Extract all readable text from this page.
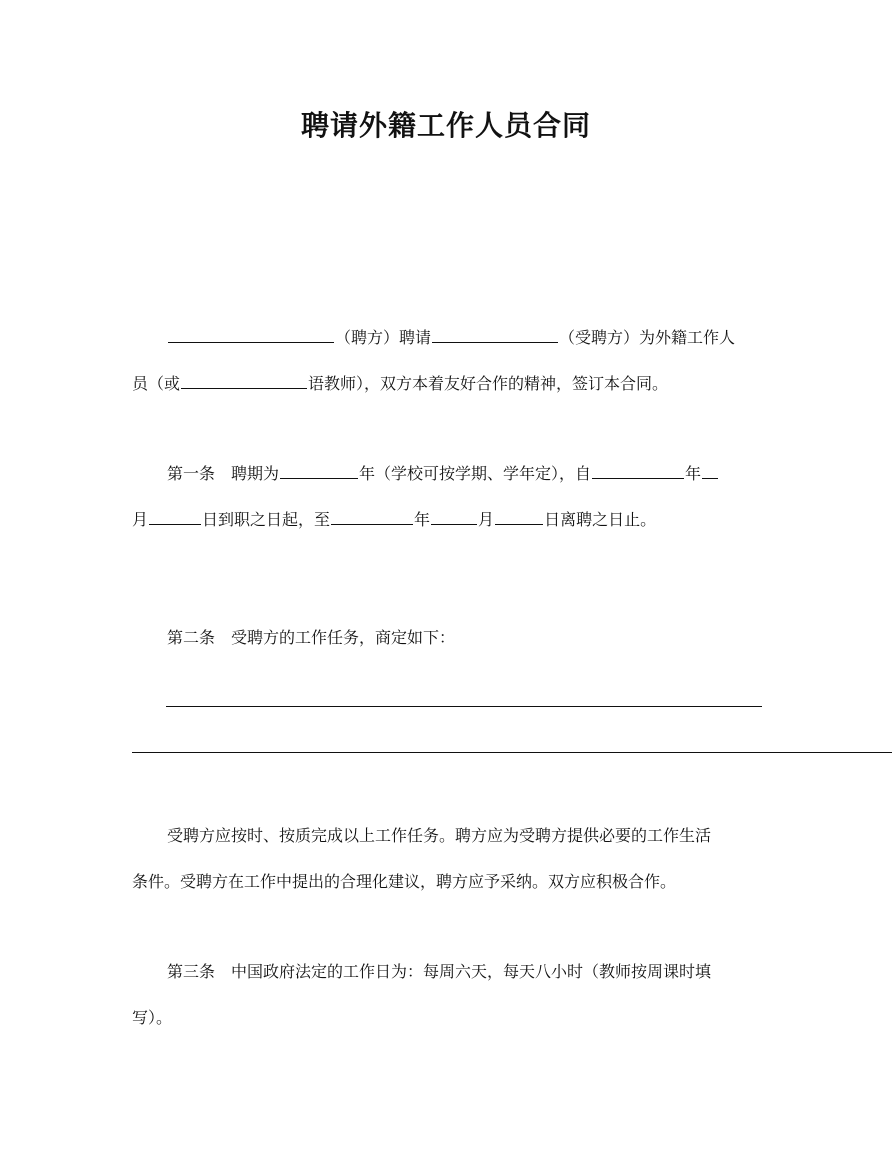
聘请外籍工作人员合同
（聘方）聘请	（受聘方）为外籍工作人
员（或	语教师），双方本着友好合作的精神，签订本合同。
第一条　聘期为	年（学校可按学期、学年定），自	年
月	日到职之日起，至	年	月	日离聘之日止。
第二条　受聘方的工作任务，商定如下：
受聘方应按时、按质完成以上工作任务。聘方应为受聘方提供必要的工作生活
条件。受聘方在工作中提出的合理化建议，聘方应予采纳。双方应积极合作。
第三条　中国政府法定的工作日为：每周六天，每天八小时（教师按周课时填
写）。
